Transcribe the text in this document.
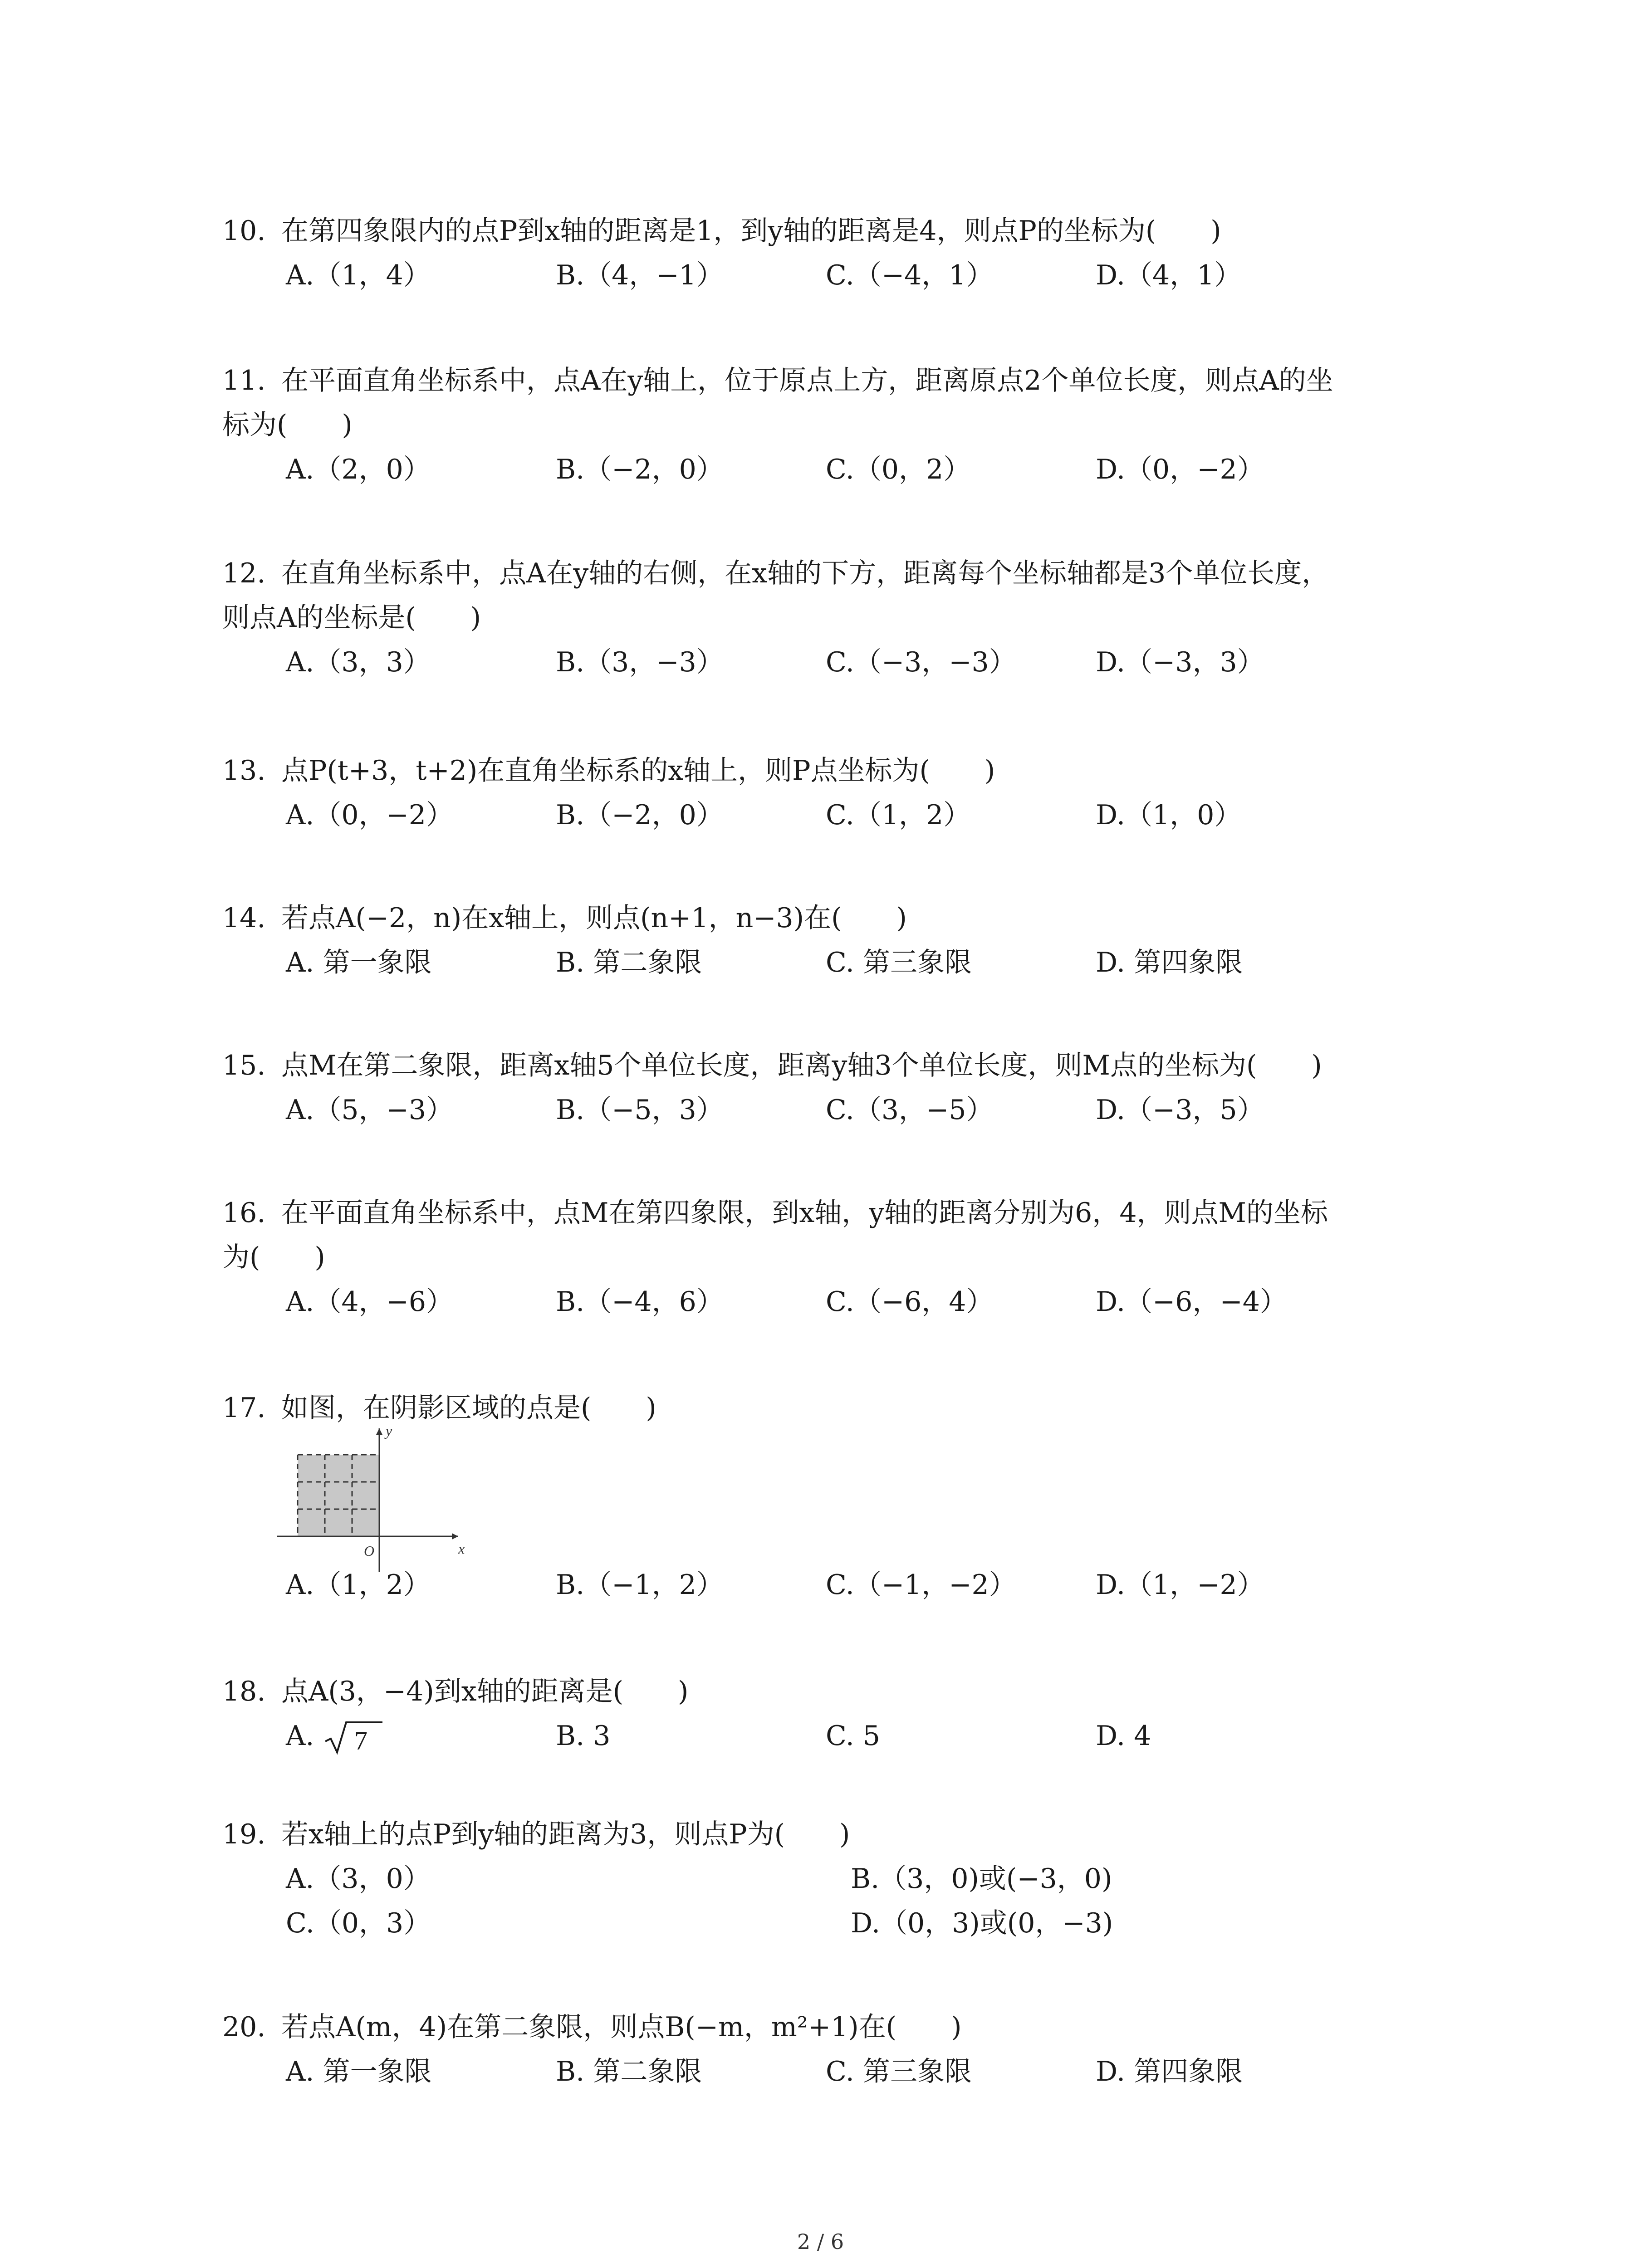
10. 在第四象限内的点P到x轴的距离是1，到y轴的距离是4，则点P的坐标为(　　)
A.（1，4）	B.（4，−1）	C.（−4，1）	D.（4，1）
11. 在平面直角坐标系中，点A在y轴上，位于原点上方，距离原点2个单位长度，则点A的坐
标为(　　)
A.（2，0）	B.（−2，0）	C.（0，2）	D.（0，−2）
12. 在直角坐标系中，点A在y轴的右侧，在x轴的下方，距离每个坐标轴都是3个单位长度，
则点A的坐标是(　　)
A.（3，3）	B.（3，−3）	C.（−3，−3）	D.（−3，3）
13. 点P(t+3，t+2)在直角坐标系的x轴上，则P点坐标为(　　)
A.（0，−2）	B.（−2，0）	C.（1，2）	D.（1，0）
14. 若点A(−2，n)在x轴上，则点(n+1，n−3)在(　　)
A. 第一象限	B. 第二象限	C. 第三象限	D. 第四象限
15. 点M在第二象限，距离x轴5个单位长度，距离y轴3个单位长度，则M点的坐标为(　　)
A.（5，−3）	B.（−5，3）	C.（3，−5）	D.（−3，5）
16. 在平面直角坐标系中，点M在第四象限，到x轴，y轴的距离分别为6，4，则点M的坐标
为(　　)
A.（4，−6）	B.（−4，6）	C.（−6，4）	D.（−6，−4）
17. 如图，在阴影区域的点是(　　)
y
x
O
A.（1，2）	B.（−1，2）	C.（−1，−2）	D.（1，−2）
18. 点A(3，−4)到x轴的距离是(　　)
A. 7	B. 3	C. 5	D. 4
19. 若x轴上的点P到y轴的距离为3，则点P为(　　)
A.（3，0）	B.（3，0)或(−3，0)
C.（0，3）	D.（0，3)或(0，−3)
20. 若点A(m，4)在第二象限，则点B(−m，m²+1)在(　　)
A. 第一象限	B. 第二象限	C. 第三象限	D. 第四象限
2 / 6
